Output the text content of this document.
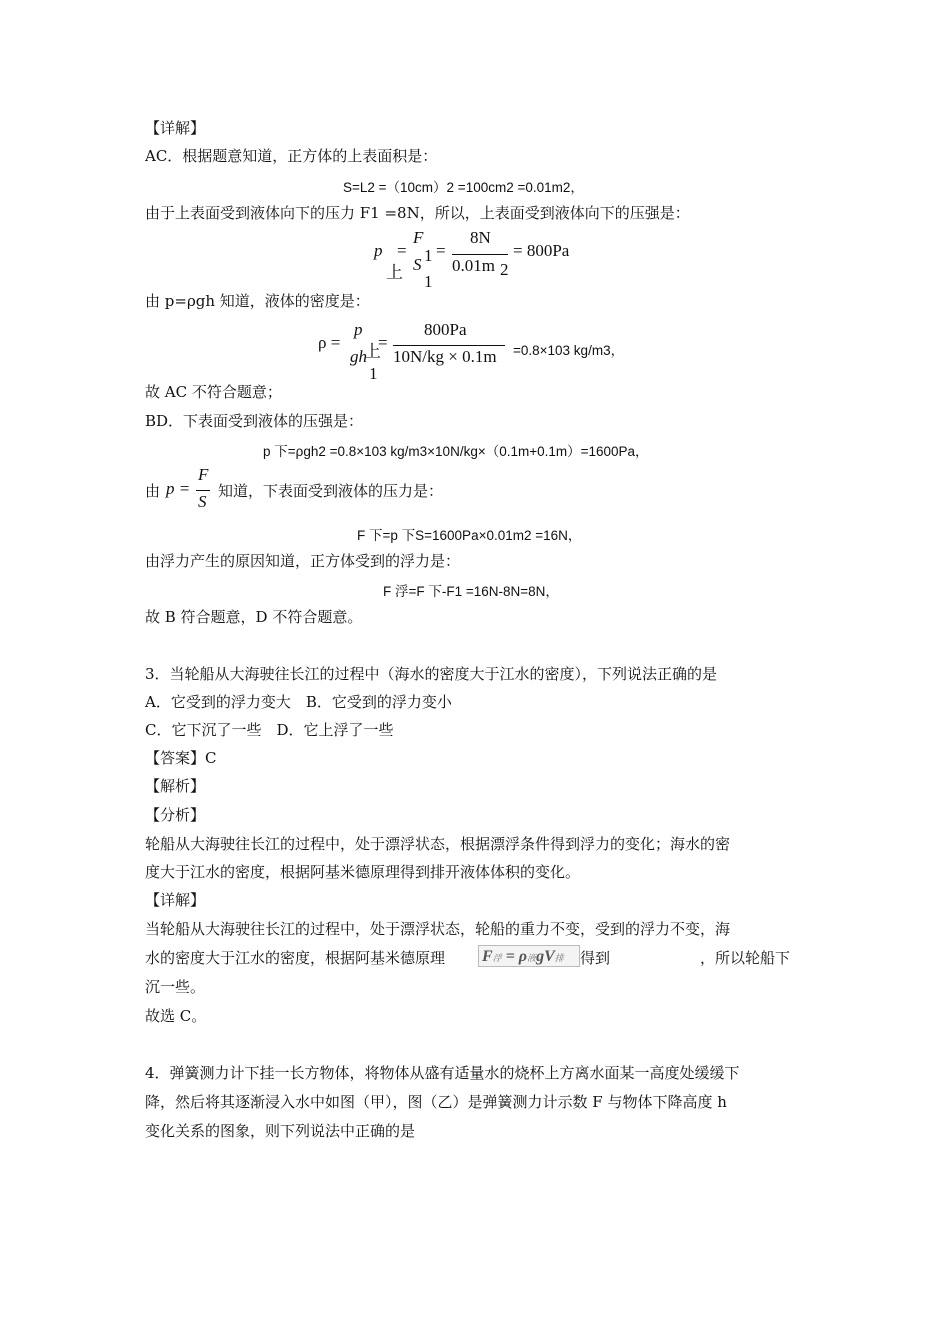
【详解】
AC．根据题意知道，正方体的上表面积是：
S=L2 =（10cm）2 =100cm2 =0.01m2，
由于上表面受到液体向下的压力 F1 =8N，所以，上表面受到液体向下的压强是：
p
上
=
F
1
S
1
=
8N
0.01m 2
= 800Pa
由 p=ρgh 知道，液体的密度是：
ρ =
p
上
gh
1
=
800Pa
10N/kg × 0.1m =0.8×103 kg/m3，
故 AC 不符合题意；
BD．下表面受到液体的压强是：
p 下=ρgh2 =0.8×103 kg/m3×10N/kg×（0.1m+0.1m）=1600Pa，
由 p =
F
S
知道，下表面受到液体的压力是：
F 下=p 下S=1600Pa×0.01m2 =16N，
由浮力产生的原因知道，正方体受到的浮力是：
F 浮=F 下-F1 =16N-8N=8N，
故 B 符合题意，D 不符合题意。
3．当轮船从大海驶往长江的过程中（海水的密度大于江水的密度），下列说法正确的是
A．它受到的浮力变大　B．它受到的浮力变小
C．它下沉了一些　D．它上浮了一些
【答案】C
【解析】
【分析】
轮船从大海驶往长江的过程中，处于漂浮状态，根据漂浮条件得到浮力的变化；海水的密
度大于江水的密度，根据阿基米德原理得到排开液体体积的变化。
【详解】
当轮船从大海驶往长江的过程中，处于漂浮状态，轮船的重力不变，受到的浮力不变，海
水的密度大于江水的密度，根据阿基米德原理 F浮 = ρ液gV排	得到	，所以轮船下
沉一些。
故选 C。
4．弹簧测力计下挂一长方物体，将物体从盛有适量水的烧杯上方离水面某一高度处缓缓下
降，然后将其逐渐浸入水中如图（甲），图（乙）是弹簧测力计示数 F 与物体下降高度 h
变化关系的图象，则下列说法中正确的是
